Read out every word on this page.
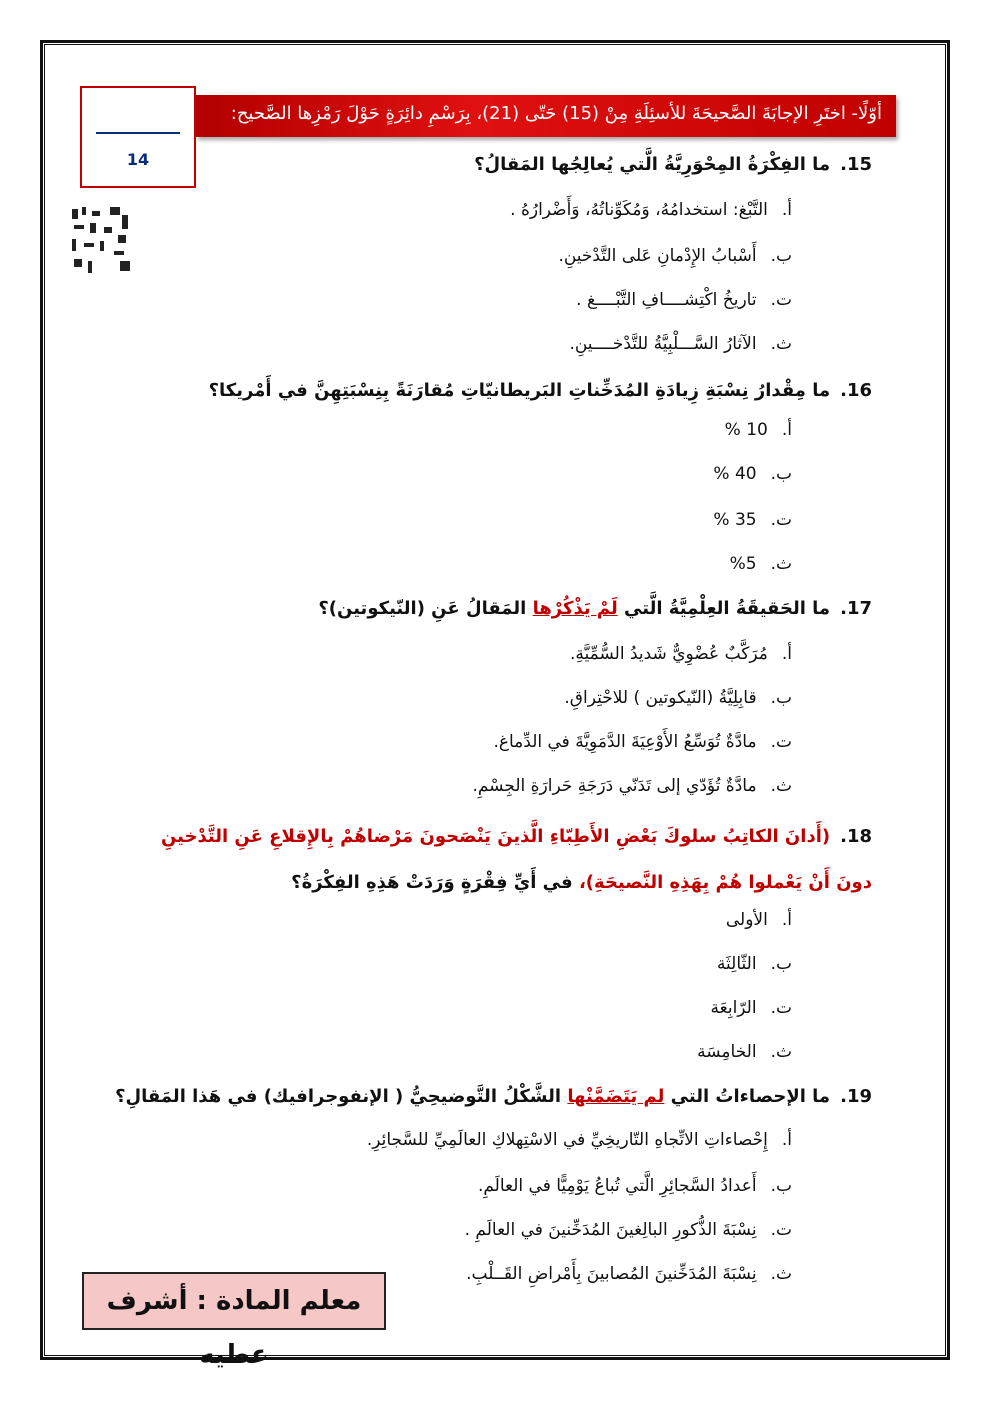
أوّلًا- اختَرِ الإجابَةَ الصَّحيحَةَ للأسئِلَةِ مِنْ (15) حَتّى (21)، بِرَسْمِ دائِرَةٍ حَوْلَ رَمْزِها الصَّحيح:
14	15.ما الفِكْرَةُ المِحْوَرِيَّةُ الَّتي يُعالِجُها المَقالُ؟
أ.التَّبْغ: استخدامُهُ، وَمُكَوِّناتُهُ، وَأَضْرارُهُ .
ب.أَسْبابُ الإِدْمانِ عَلى التَّدْخينِ.
ت.تاريخُ اكْتِشــــافِ التَّبْــــغ .
ث.الآثارُ السَّـــلْبِيَّةُ للتَّدْخــــينِ.
16.ما مِقْدارُ نِسْبَةِ زِيادَةِ المُدَخِّناتِ البَريطانيّاتِ مُقارَنَةً بِنِسْبَتِهِنَّ في أَمْريكا؟
أ.10 %
ب.40 %
ت.35 %
ث.5%
17.ما الحَقيقَةُ العِلْمِيَّةُ الَّتي لَمْ يَذْكُرْها المَقالُ عَنِ (النّيكوتين)؟
أ.مُرَكَّبٌ عُضْوِيٌّ شَديدُ السُّمِّيَّةِ.
ب.قابِلِيَّةُ (النّيكوتين ) للاحْتِراقِ.
ت.مادَّةٌ تُوَسِّعُ الأَوْعِيَةَ الدَّمَوِيَّةَ في الدِّماغ.
ث.مادَّةٌ تُؤَدّي إلى تَدَنّي دَرَجَةِ حَرارَةِ الجِسْمِ.
18.(أَدانَ الكاتِبُ سلوكَ بَعْضِ الأَطِبّاءِ الَّذينَ يَنْصَحونَ مَرْضاهُمْ بِالإِقلاعِ عَنِ التَّدْخينِ دونَ أَنْ يَعْملوا هُمْ بِهَذِهِ النَّصيحَةِ)، في أَيِّ فِقْرَةٍ وَرَدَتْ هَذِهِ الفِكْرَةُ؟
أ.الأولى
ب.الثّالِثَة
ت.الرّابِعَة
ث.الخامِسَة
19.ما الإحصاءاتُ التي لم يَتَضَمَّنْها الشَّكْلُ التَّوضيحِيُّ ( الإنفوجرافيك) في هَذا المَقالِ؟
أ.إِحْصاءاتِ الاتِّجاهِ التّاريخِيِّ في الاسْتِهلاكِ العالَمِيِّ للسَّجائِرِ.
ب.أَعدادُ السَّجائِرِ الَّتي تُباعُ يَوْمِيًّا في العالَمِ.
ت.نِسْبَةَ الذُّكورِ البالِغينَ المُدَخِّنينَ في العالَمِ .
ث.نِسْبَةَ المُدَخِّنينَ المُصابينَ بِأَمْراضِ القَــلْبِ.
معلم المادة : أشرف عطيه
